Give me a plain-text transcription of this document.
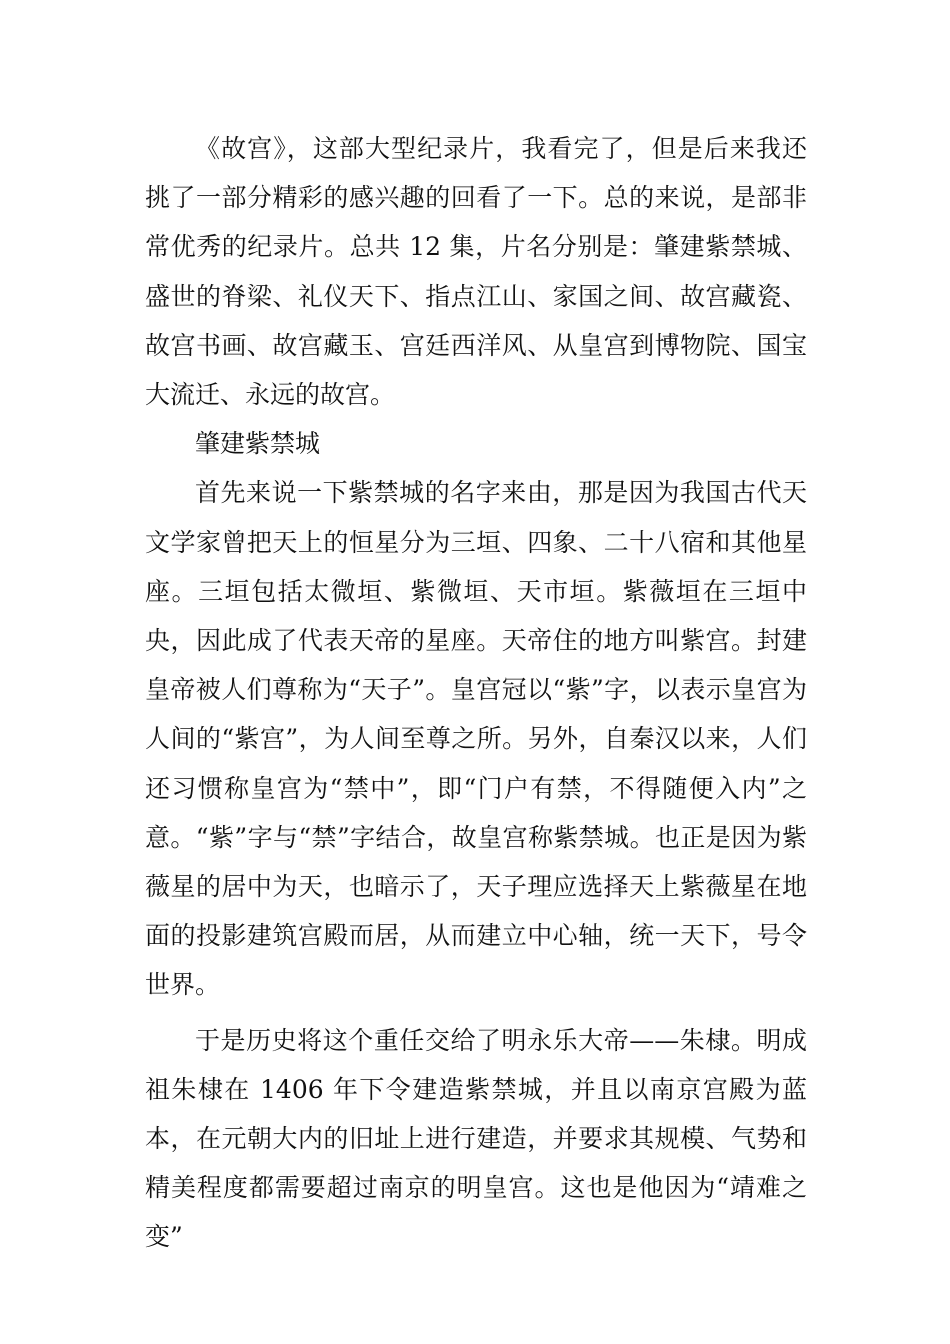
《故宫》，这部大型纪录片，我看完了，但是后来我还挑了一部分精彩的感兴趣的回看了一下。总的来说，是部非常优秀的纪录片。总共 12 集，片名分别是：肇建紫禁城、盛世的脊梁、礼仪天下、指点江山、家国之间、故宫藏瓷、故宫书画、故宫藏玉、宫廷西洋风、从皇宫到博物院、国宝大流迁、永远的故宫。

肇建紫禁城

首先来说一下紫禁城的名字来由，那是因为我国古代天文学家曾把天上的恒星分为三垣、四象、二十八宿和其他星座。三垣包括太微垣、紫微垣、天市垣。紫薇垣在三垣中央，因此成了代表天帝的星座。天帝住的地方叫紫宫。封建皇帝被人们尊称为“天子”。皇宫冠以“紫”字，以表示皇宫为人间的“紫宫”，为人间至尊之所。另外，自秦汉以来，人们还习惯称皇宫为“禁中”，即“门户有禁，不得随便入内”之意。“紫”字与“禁”字结合，故皇宫称紫禁城。也正是因为紫薇星的居中为天，也暗示了，天子理应选择天上紫薇星在地面的投影建筑宫殿而居，从而建立中心轴，统一天下，号令世界。

于是历史将这个重任交给了明永乐大帝——朱棣。明成祖朱棣在 1406 年下令建造紫禁城，并且以南京宫殿为蓝本，在元朝大内的旧址上进行建造，并要求其规模、气势和精美程度都需要超过南京的明皇宫。这也是他因为“靖难之变”
